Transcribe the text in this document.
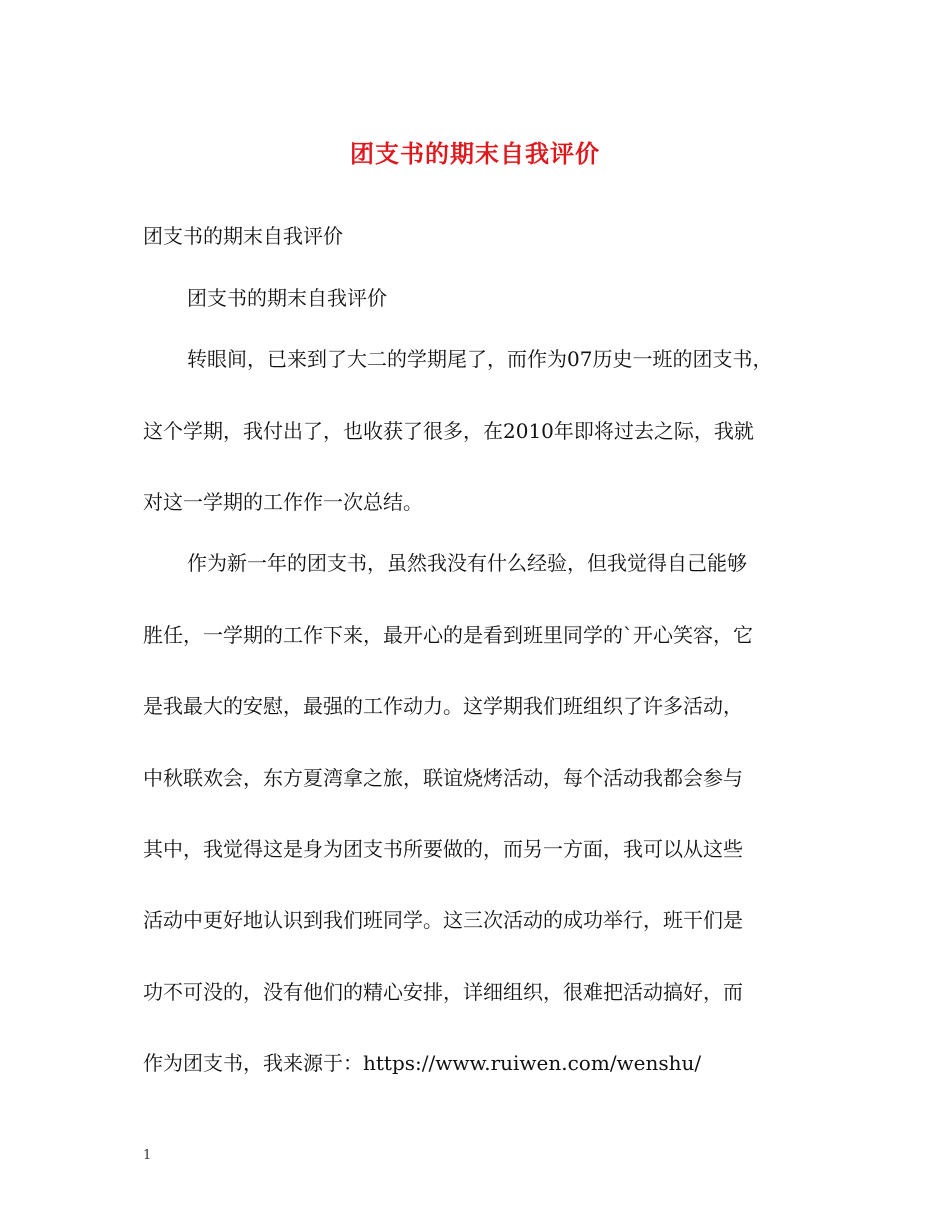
团支书的期末自我评价
团支书的期末自我评价
团支书的期末自我评价
转眼间，已来到了大二的学期尾了，而作为07历史一班的团支书，
这个学期，我付出了，也收获了很多，在2010年即将过去之际，我就
对这一学期的工作作一次总结。
作为新一年的团支书，虽然我没有什么经验，但我觉得自己能够
胜任，一学期的工作下来，最开心的是看到班里同学的`开心笑容，它
是我最大的安慰，最强的工作动力。这学期我们班组织了许多活动，
中秋联欢会，东方夏湾拿之旅，联谊烧烤活动，每个活动我都会参与
其中，我觉得这是身为团支书所要做的，而另一方面，我可以从这些
活动中更好地认识到我们班同学。这三次活动的成功举行，班干们是
功不可没的，没有他们的精心安排，详细组织，很难把活动搞好，而
作为团支书，我来源于：https://www.ruiwen.com/wenshu/
1
